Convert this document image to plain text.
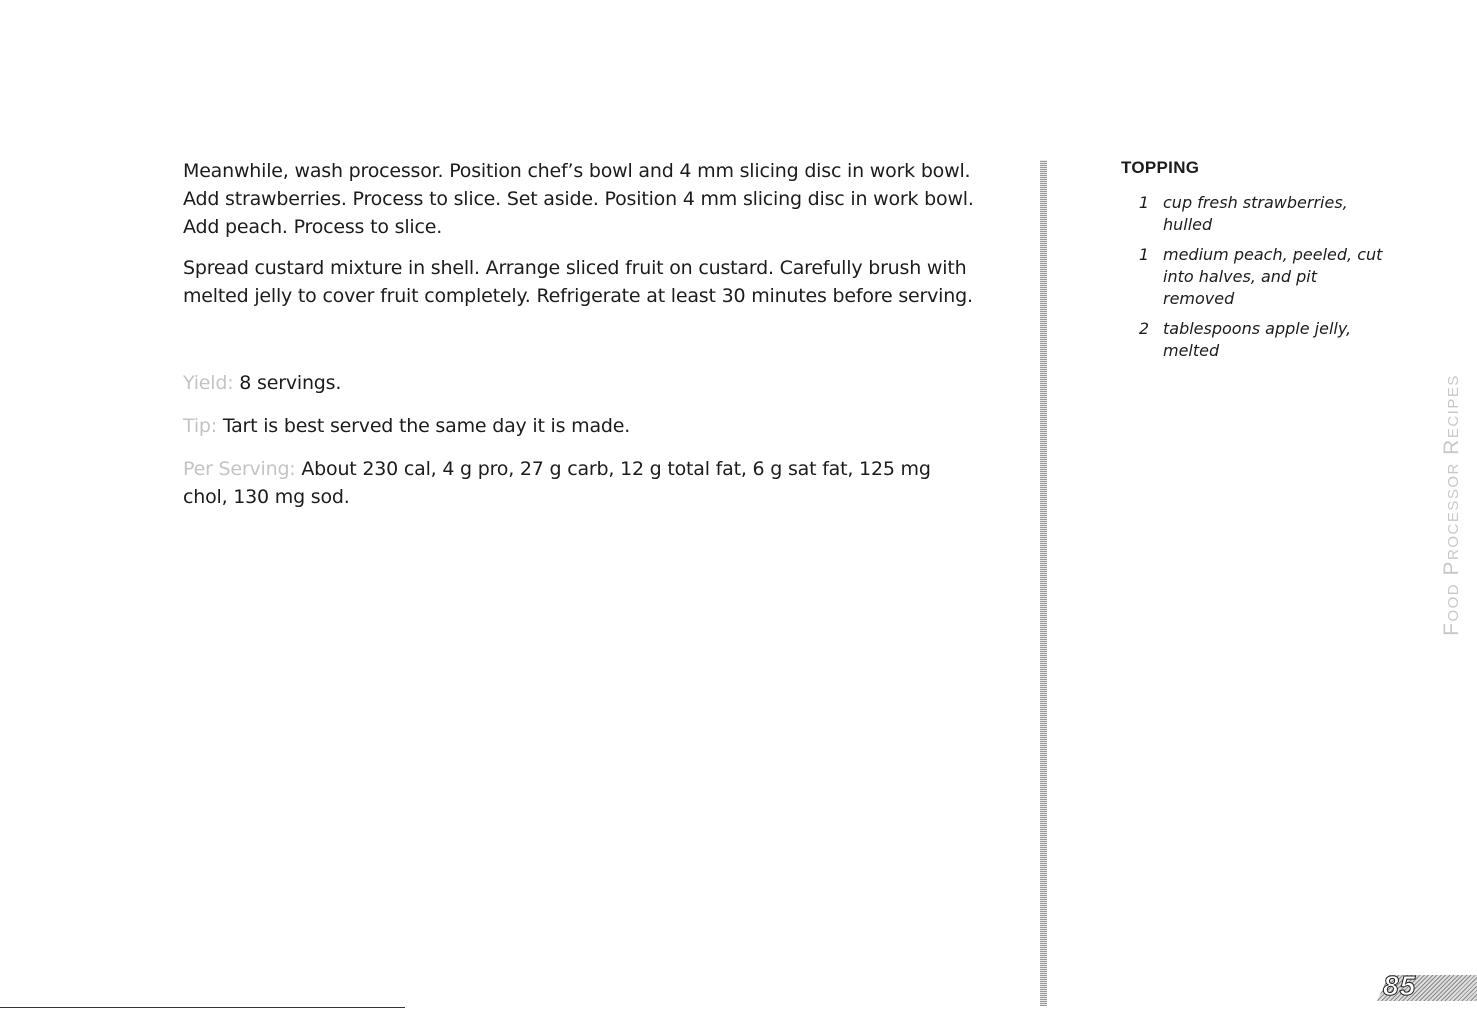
Meanwhile, wash processor. Position chef’s bowl and 4 mm slicing disc in work bowl. Add strawberries. Process to slice. Set aside. Position 4 mm slicing disc in work bowl. Add peach. Process to slice.

Spread custard mixture in shell. Arrange sliced fruit on custard. Carefully brush with melted jelly to cover fruit completely. Refrigerate at least 30 minutes before serving.

Yield: 8 servings.
Tip: Tart is best served the same day it is made.
Per Serving: About 230 cal, 4 g pro, 27 g carb, 12 g total fat, 6 g sat fat, 125 mg chol, 130 mg sod.
TOPPING
1 cup fresh strawberries, hulled
1 medium peach, peeled, cut into halves, and pit removed
2 tablespoons apple jelly, melted
Food Processor Recipes
85
